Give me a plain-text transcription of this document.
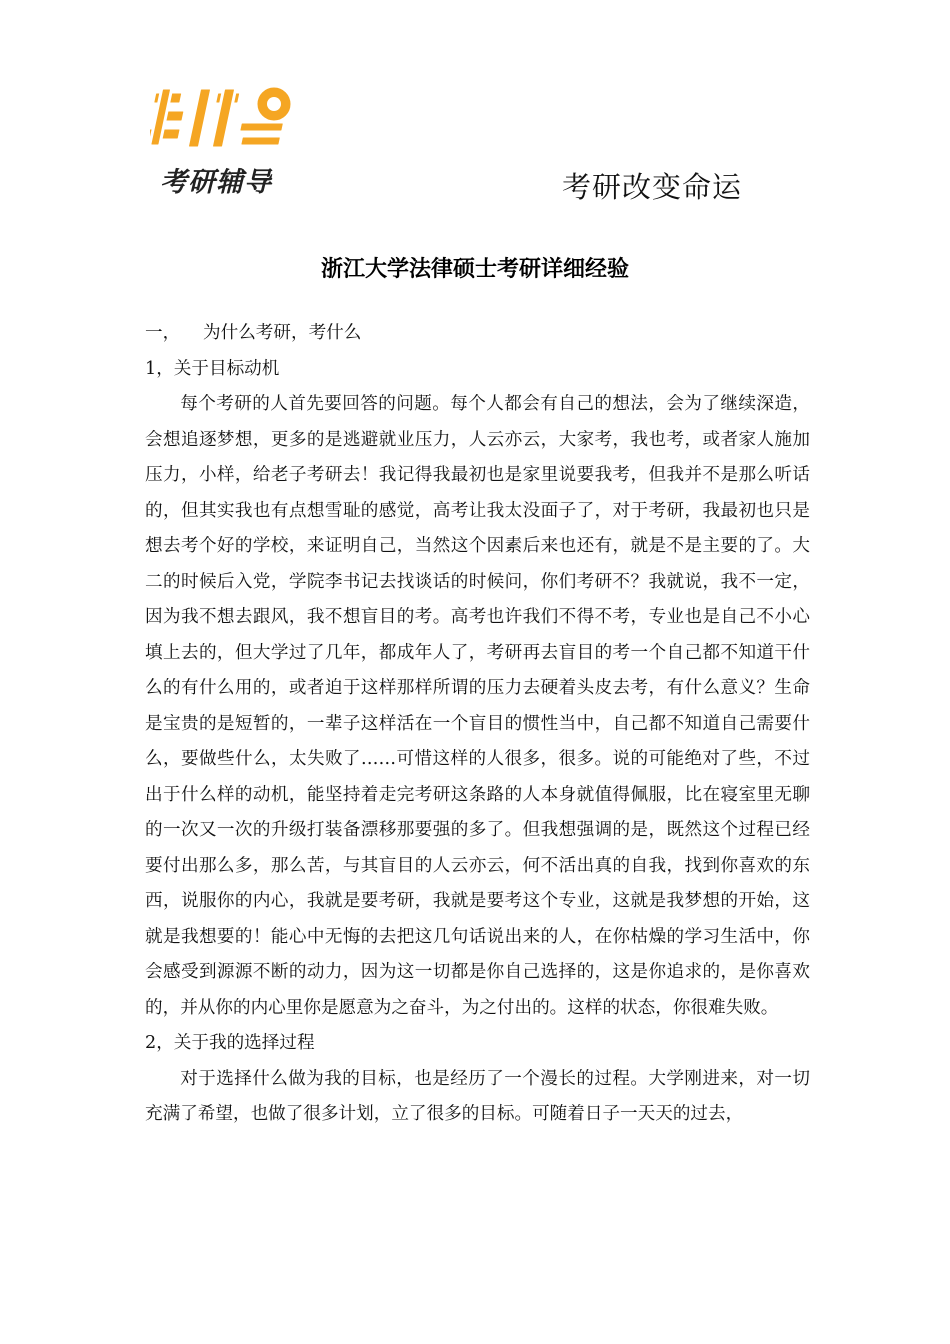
考研辅导	考研改变命运
浙江大学法律硕士考研详细经验

一， 为什么考研，考什么

1，关于目标动机

每个考研的人首先要回答的问题。每个人都会有自己的想法，会为了继续深造，会想追逐梦想，更多的是逃避就业压力，人云亦云，大家考，我也考，或者家人施加压力，小样，给老子考研去！我记得我最初也是家里说要我考，但我并不是那么听话的，但其实我也有点想雪耻的感觉，高考让我太没面子了，对于考研，我最初也只是想去考个好的学校，来证明自己，当然这个因素后来也还有，就是不是主要的了。大二的时候后入党，学院李书记去找谈话的时候问，你们考研不？我就说，我不一定，因为我不想去跟风，我不想盲目的考。高考也许我们不得不考，专业也是自己不小心填上去的，但大学过了几年，都成年人了，考研再去盲目的考一个自己都不知道干什么的有什么用的，或者迫于这样那样所谓的压力去硬着头皮去考，有什么意义？生命是宝贵的是短暂的，一辈子这样活在一个盲目的惯性当中，自己都不知道自己需要什么，要做些什么，太失败了……可惜这样的人很多，很多。说的可能绝对了些，不过出于什么样的动机，能坚持着走完考研这条路的人本身就值得佩服，比在寝室里无聊的一次又一次的升级打装备漂移那要强的多了。但我想强调的是，既然这个过程已经要付出那么多，那么苦，与其盲目的人云亦云，何不活出真的自我，找到你喜欢的东西，说服你的内心，我就是要考研，我就是要考这个专业，这就是我梦想的开始，这就是我想要的！能心中无悔的去把这几句话说出来的人，在你枯燥的学习生活中，你会感受到源源不断的动力，因为这一切都是你自己选择的，这是你追求的，是你喜欢的，并从你的内心里你是愿意为之奋斗，为之付出的。这样的状态，你很难失败。

2，关于我的选择过程

对于选择什么做为我的目标，也是经历了一个漫长的过程。大学刚进来，对一切充满了希望，也做了很多计划，立了很多的目标。可随着日子一天天的过去，
